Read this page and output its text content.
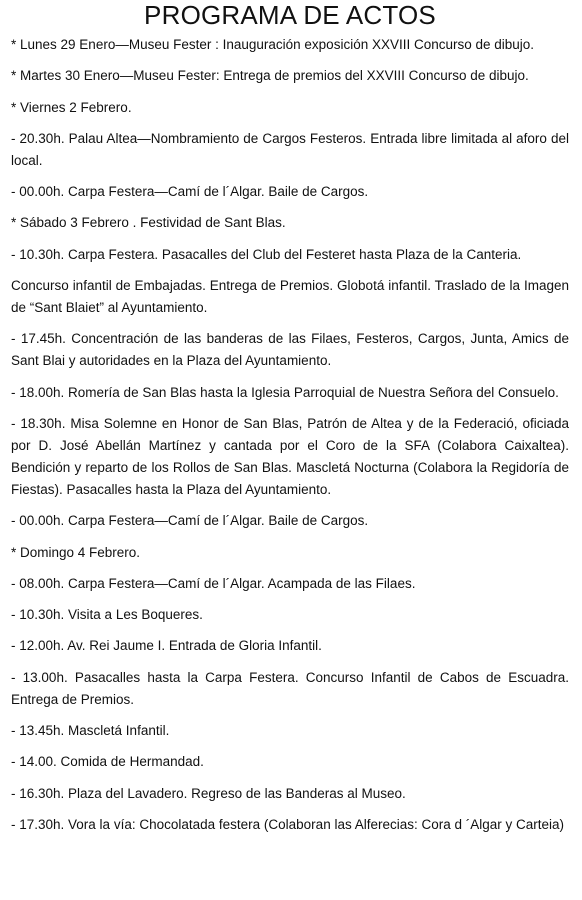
PROGRAMA DE ACTOS

* Lunes 29 Enero—Museu Fester : Inauguración exposición XXVIII Concurso de dibujo.

* Martes 30 Enero—Museu Fester: Entrega de premios del XXVIII Concurso de dibujo.

* Viernes 2 Febrero.

- 20.30h. Palau Altea—Nombramiento de Cargos Festeros. Entrada libre limitada al aforo del local.

- 00.00h. Carpa Festera—Camí de l´Algar. Baile de Cargos.

* Sábado 3 Febrero . Festividad de Sant Blas.

- 10.30h. Carpa Festera. Pasacalles del Club del Festeret hasta Plaza de la Canteria.

Concurso infantil de Embajadas. Entrega de Premios. Globotá infantil. Traslado de la Imagen de “Sant Blaiet” al Ayuntamiento.

- 17.45h. Concentración de las banderas de las Filaes, Festeros, Cargos, Junta, Amics de Sant Blai y autoridades en la Plaza del Ayuntamiento.

- 18.00h. Romería de San Blas hasta la Iglesia Parroquial de Nuestra Señora del Consuelo.

- 18.30h. Misa Solemne en Honor de San Blas, Patrón de Altea y de la Federació, oficiada por D. José Abellán Martínez y cantada por el Coro de la SFA (Colabora Caixaltea). Bendición y reparto de los Rollos de San Blas. Mascletá Nocturna (Colabora la Regidoría de Fiestas). Pasacalles hasta la Plaza del Ayuntamiento.

- 00.00h. Carpa Festera—Camí de l´Algar. Baile de Cargos.

* Domingo 4 Febrero.

- 08.00h. Carpa Festera—Camí de l´Algar. Acampada de las Filaes.

- 10.30h. Visita a Les Boqueres.

- 12.00h. Av. Rei Jaume I. Entrada de Gloria Infantil.

- 13.00h. Pasacalles hasta la Carpa Festera. Concurso Infantil de Cabos de Escuadra. Entrega de Premios.

- 13.45h. Mascletá Infantil.

- 14.00. Comida de Hermandad.

- 16.30h. Plaza del Lavadero. Regreso de las Banderas al Museo.

- 17.30h. Vora la vía: Chocolatada festera (Colaboran las Alferecias: Cora d ´Algar y Carteia)
